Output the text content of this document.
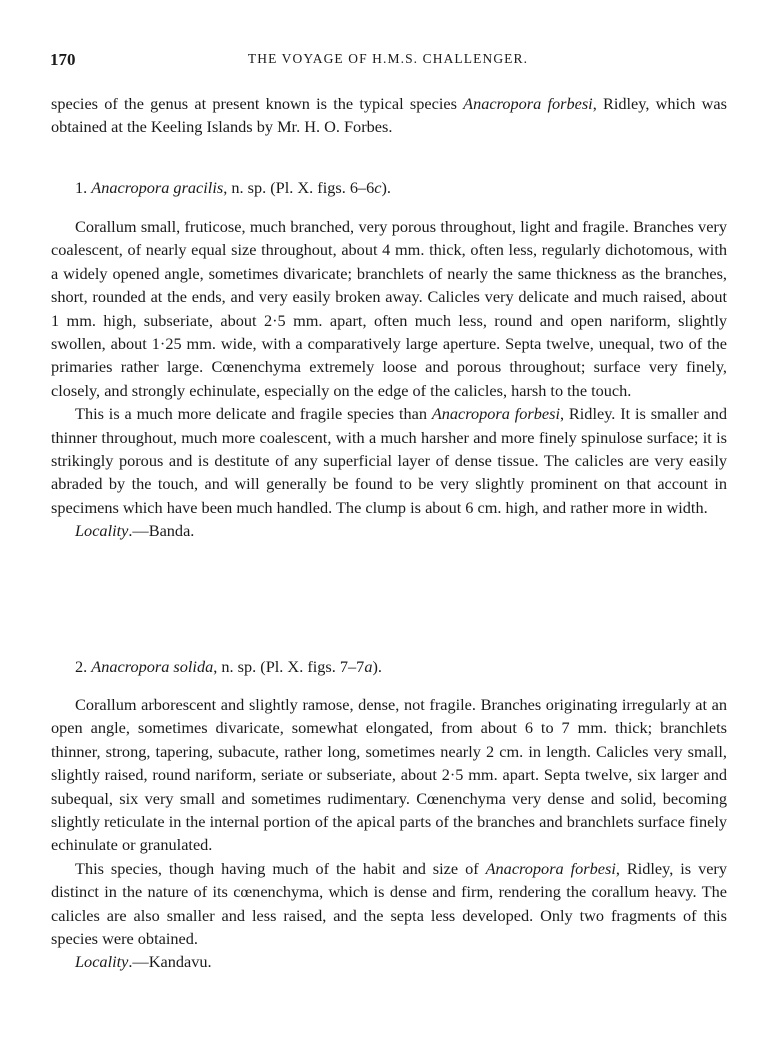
170	THE VOYAGE OF H.M.S. CHALLENGER.

species of the genus at present known is the typical species Anacropora forbesi, Ridley, which was obtained at the Keeling Islands by Mr. H. O. Forbes.

1. Anacropora gracilis, n. sp. (Pl. X. figs. 6–6c).

Corallum small, fruticose, much branched, very porous throughout, light and fragile. Branches very coalescent, of nearly equal size throughout, about 4 mm. thick, often less, regularly dichotomous, with a widely opened angle, sometimes divaricate; branchlets of nearly the same thickness as the branches, short, rounded at the ends, and very easily broken away. Calicles very delicate and much raised, about 1 mm. high, subseriate, about 2·5 mm. apart, often much less, round and open nariform, slightly swollen, about 1·25 mm. wide, with a comparatively large aperture. Septa twelve, unequal, two of the primaries rather large. Cœnenchyma extremely loose and porous throughout; surface very finely, closely, and strongly echinulate, especially on the edge of the calicles, harsh to the touch.

This is a much more delicate and fragile species than Anacropora forbesi, Ridley. It is smaller and thinner throughout, much more coalescent, with a much harsher and more finely spinulose surface; it is strikingly porous and is destitute of any superficial layer of dense tissue. The calicles are very easily abraded by the touch, and will generally be found to be very slightly prominent on that account in specimens which have been much handled. The clump is about 6 cm. high, and rather more in width.

Locality.—Banda.

2. Anacropora solida, n. sp. (Pl. X. figs. 7–7a).

Corallum arborescent and slightly ramose, dense, not fragile. Branches originating irregularly at an open angle, sometimes divaricate, somewhat elongated, from about 6 to 7 mm. thick; branchlets thinner, strong, tapering, subacute, rather long, sometimes nearly 2 cm. in length. Calicles very small, slightly raised, round nariform, seriate or subseriate, about 2·5 mm. apart. Septa twelve, six larger and subequal, six very small and sometimes rudimentary. Cœnenchyma very dense and solid, becoming slightly reticulate in the internal portion of the apical parts of the branches and branchlets surface finely echinulate or granulated.

This species, though having much of the habit and size of Anacropora forbesi, Ridley, is very distinct in the nature of its cœnenchyma, which is dense and firm, rendering the corallum heavy. The calicles are also smaller and less raised, and the septa less developed. Only two fragments of this species were obtained.

Locality.—Kandavu.
